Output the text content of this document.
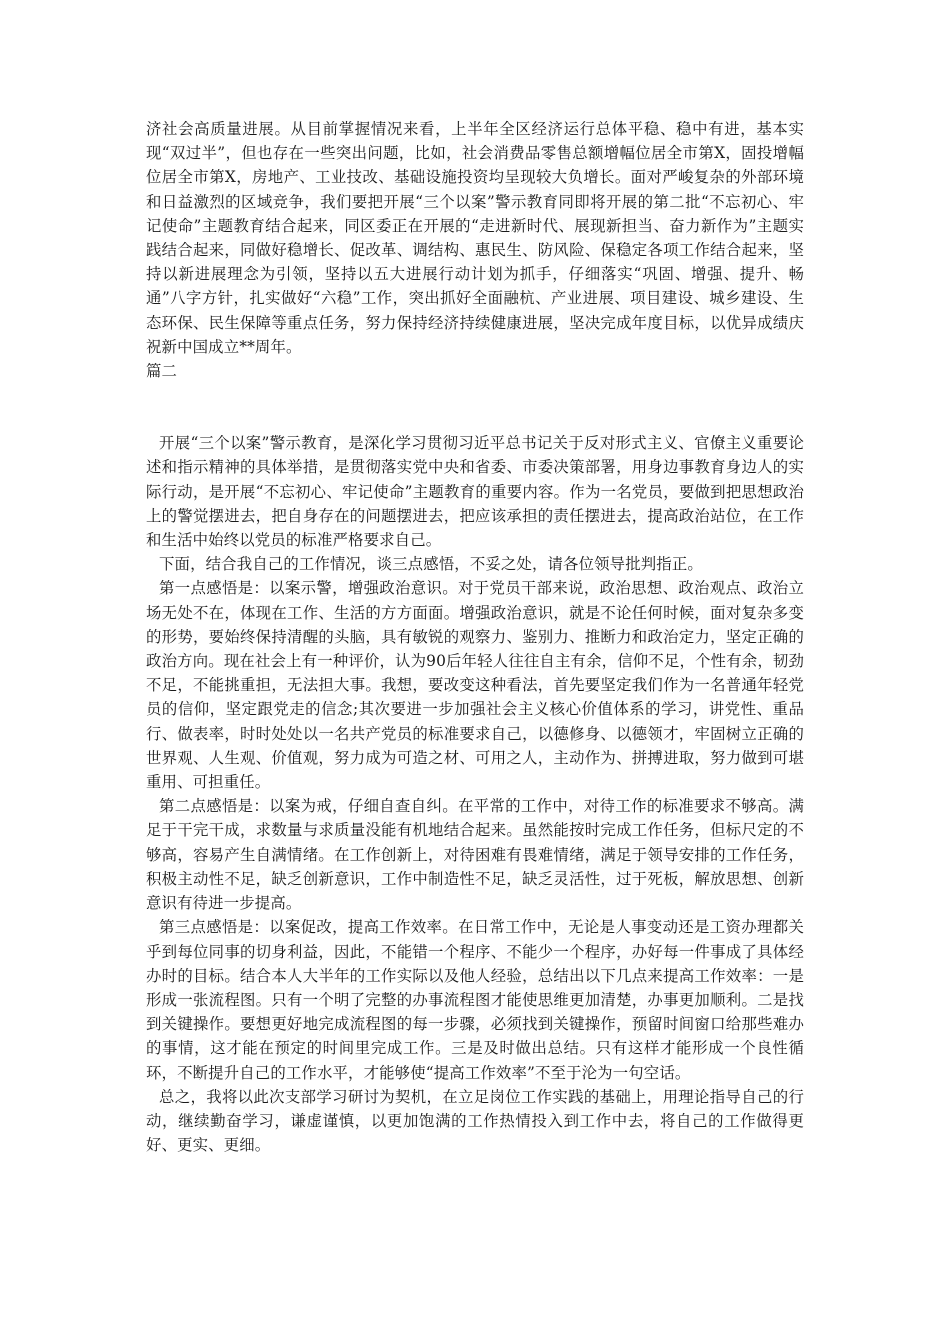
济社会高质量进展。从目前掌握情况来看，上半年全区经济运行总体平稳、稳中有进，基本实现“双过半”，但也存在一些突出问题，比如，社会消费品零售总额增幅位居全市第X，固投增幅位居全市第X，房地产、工业技改、基础设施投资均呈现较大负增长。面对严峻复杂的外部环境和日益激烈的区域竞争，我们要把开展“三个以案”警示教育同即将开展的第二批“不忘初心、牢记使命”主题教育结合起来，同区委正在开展的“走进新时代、展现新担当、奋力新作为”主题实践结合起来，同做好稳增长、促改革、调结构、惠民生、防风险、保稳定各项工作结合起来，坚持以新进展理念为引领，坚持以五大进展行动计划为抓手，仔细落实“巩固、增强、提升、畅通”八字方针，扎实做好“六稳”工作，突出抓好全面融杭、产业进展、项目建设、城乡建设、生态环保、民生保障等重点任务，努力保持经济持续健康进展，坚决完成年度目标，以优异成绩庆祝新中国成立**周年。

篇二

开展“三个以案”警示教育，是深化学习贯彻习近平总书记关于反对形式主义、官僚主义重要论述和指示精神的具体举措，是贯彻落实党中央和省委、市委决策部署，用身边事教育身边人的实际行动，是开展“不忘初心、牢记使命”主题教育的重要内容。作为一名党员，要做到把思想政治上的警觉摆进去，把自身存在的问题摆进去，把应该承担的责任摆进去，提高政治站位，在工作和生活中始终以党员的标准严格要求自己。

下面，结合我自己的工作情况，谈三点感悟，不妥之处，请各位领导批判指正。

第一点感悟是：以案示警，增强政治意识。对于党员干部来说，政治思想、政治观点、政治立场无处不在，体现在工作、生活的方方面面。增强政治意识，就是不论任何时候，面对复杂多变的形势，要始终保持清醒的头脑，具有敏锐的观察力、鉴别力、推断力和政治定力，坚定正确的政治方向。现在社会上有一种评价，认为90后年轻人往往自主有余，信仰不足，个性有余，韧劲不足，不能挑重担，无法担大事。我想，要改变这种看法，首先要坚定我们作为一名普通年轻党员的信仰，坚定跟党走的信念;其次要进一步加强社会主义核心价值体系的学习，讲党性、重品行、做表率，时时处处以一名共产党员的标准要求自己，以德修身、以德领才，牢固树立正确的世界观、人生观、价值观，努力成为可造之材、可用之人，主动作为、拼搏进取，努力做到可堪重用、可担重任。

第二点感悟是：以案为戒，仔细自查自纠。在平常的工作中，对待工作的标准要求不够高。满足于干完干成，求数量与求质量没能有机地结合起来。虽然能按时完成工作任务，但标尺定的不够高，容易产生自满情绪。在工作创新上，对待困难有畏难情绪，满足于领导安排的工作任务，积极主动性不足，缺乏创新意识，工作中制造性不足，缺乏灵活性，过于死板，解放思想、创新意识有待进一步提高。

第三点感悟是：以案促改，提高工作效率。在日常工作中，无论是人事变动还是工资办理都关乎到每位同事的切身利益，因此，不能错一个程序、不能少一个程序，办好每一件事成了具体经办时的目标。结合本人大半年的工作实际以及他人经验，总结出以下几点来提高工作效率：一是形成一张流程图。只有一个明了完整的办事流程图才能使思维更加清楚，办事更加顺利。二是找到关键操作。要想更好地完成流程图的每一步骤，必须找到关键操作，预留时间窗口给那些难办的事情，这才能在预定的时间里完成工作。三是及时做出总结。只有这样才能形成一个良性循环，不断提升自己的工作水平，才能够使“提高工作效率”不至于沦为一句空话。

总之，我将以此次支部学习研讨为契机，在立足岗位工作实践的基础上，用理论指导自己的行动，继续勤奋学习，谦虚谨慎，以更加饱满的工作热情投入到工作中去，将自己的工作做得更好、更实、更细。
